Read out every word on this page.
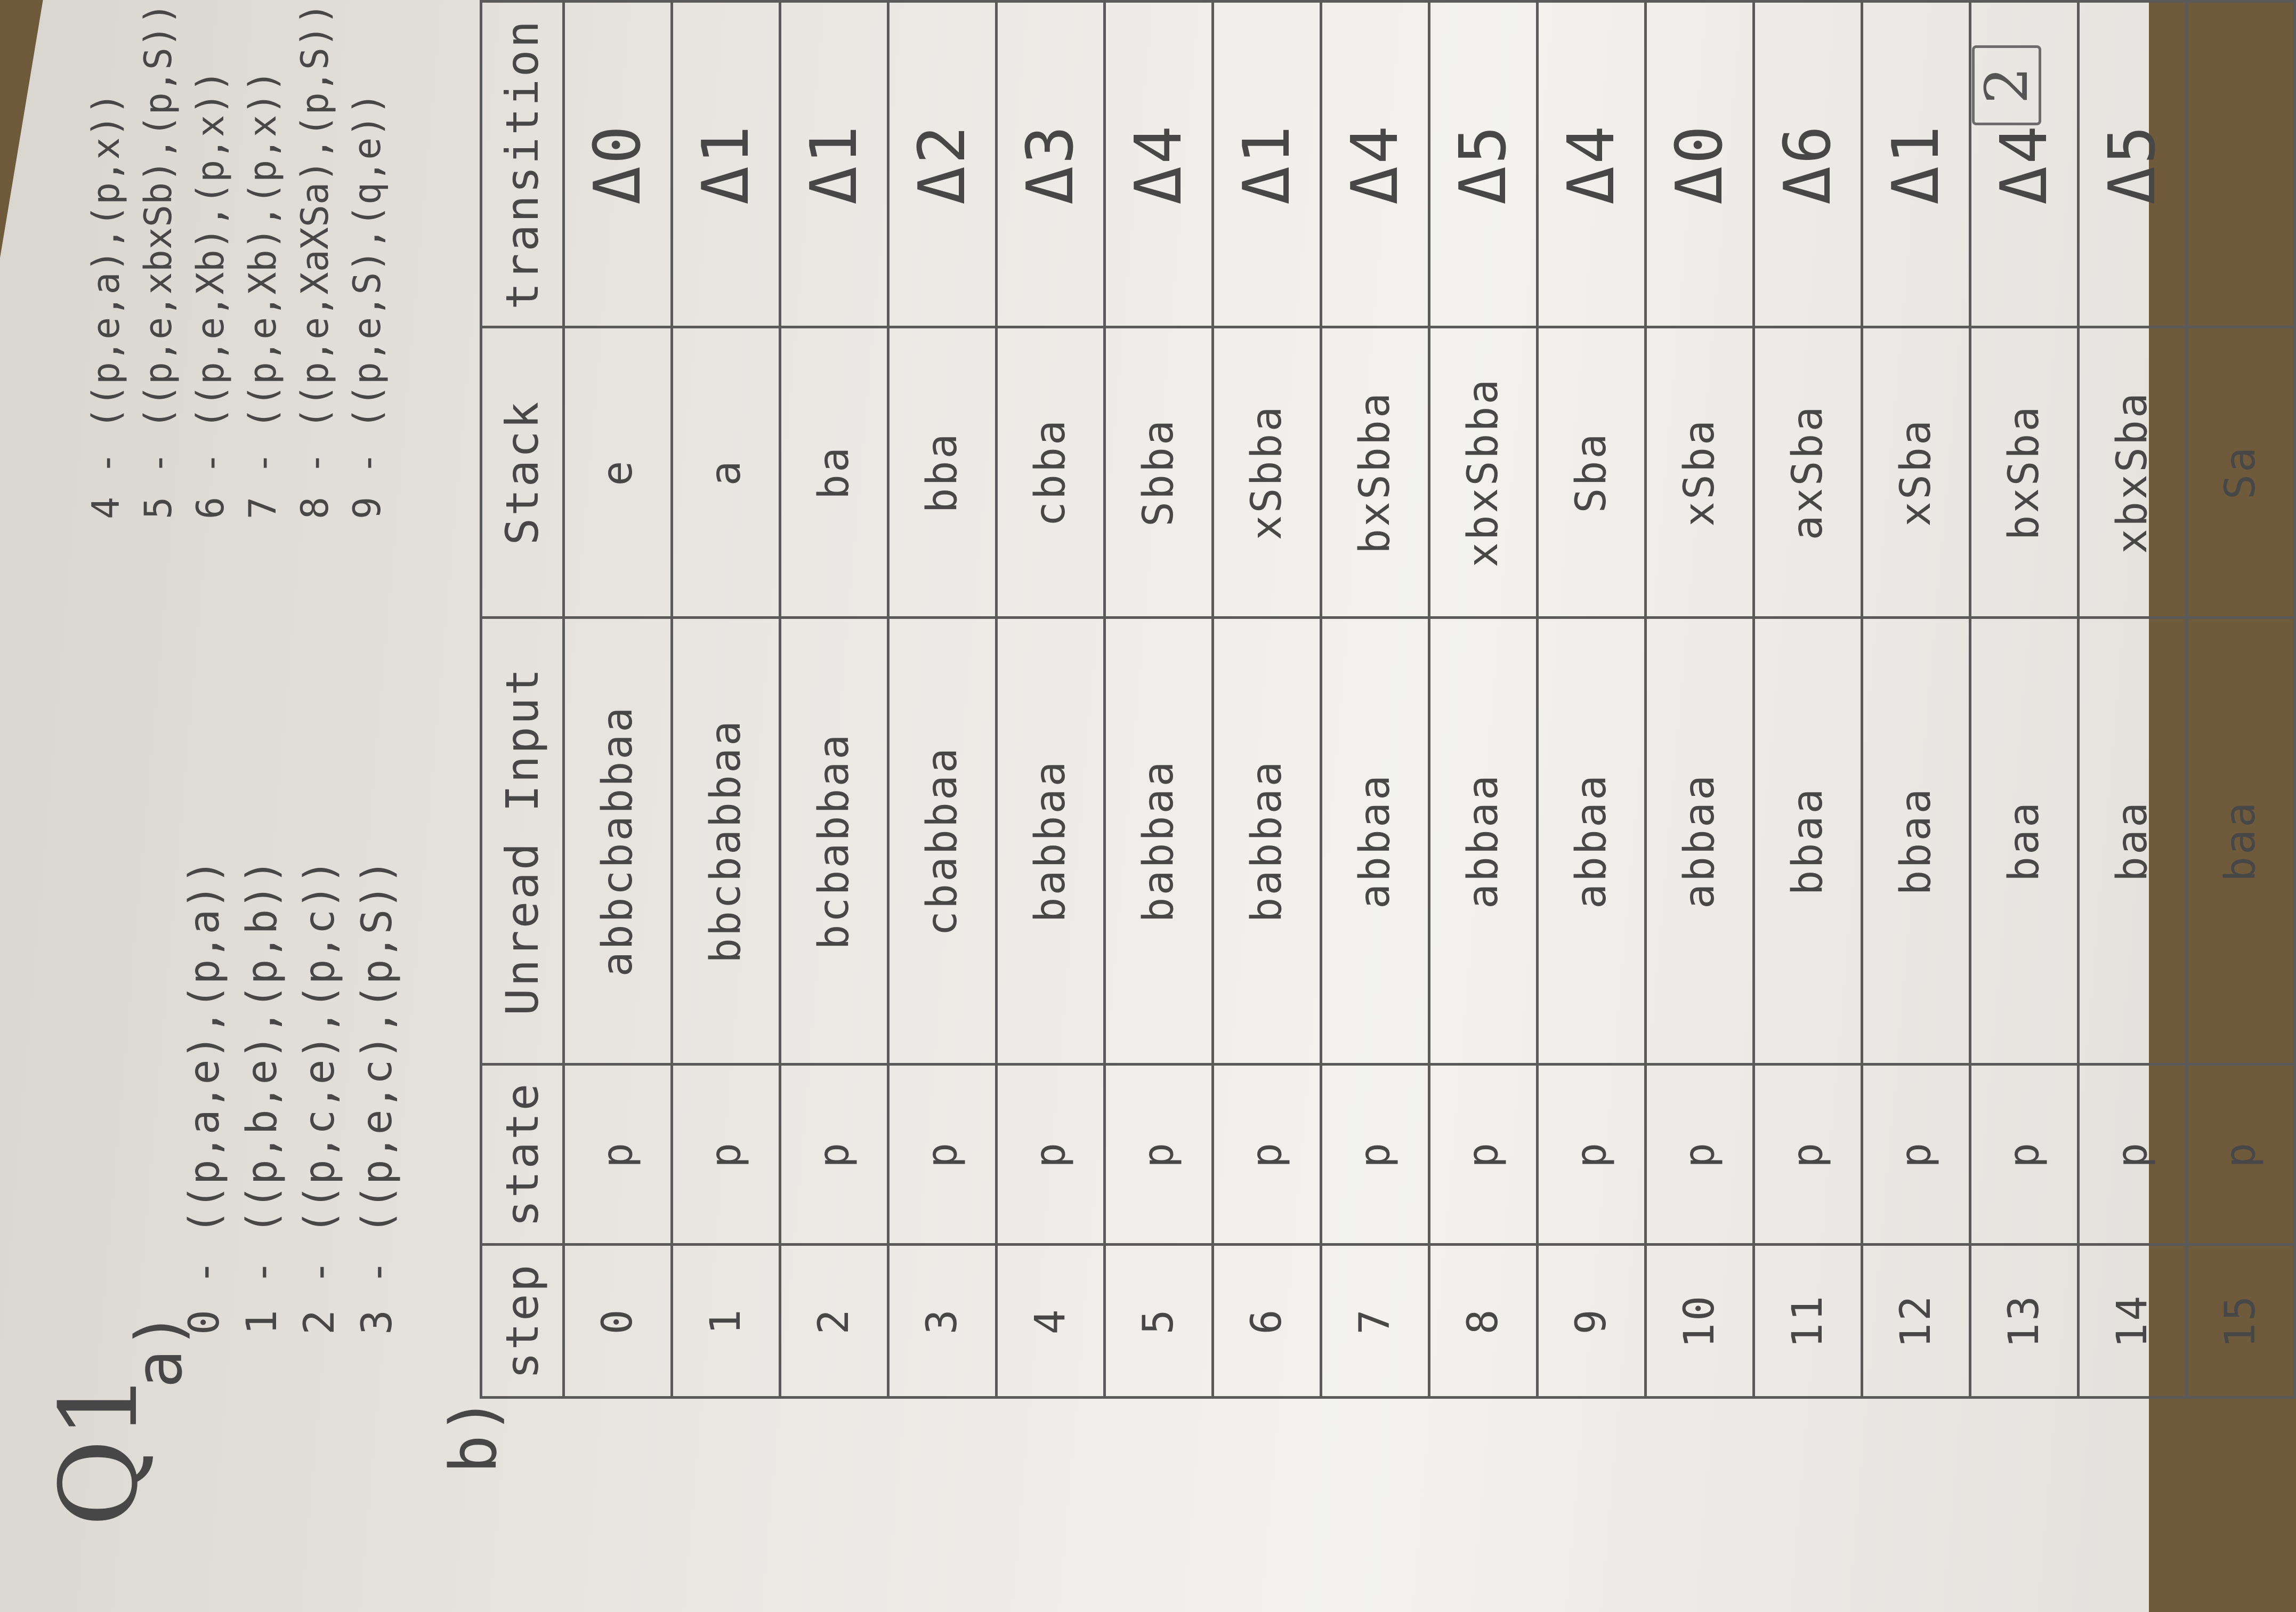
2
Q1
a)
0 - ((p,a,e),(p,a)) 1 - ((p,b,e),(p,b)) 2 - ((p,c,e),(p,c)) 3 - ((p,e,c),(p,S))
4 - ((p,e,a),(p,x)) 5 - ((p,e,xbxSb),(p,S)) 6 - ((p,e,Xb),(p,x)) 7 - ((p,e,Xb),(p,x)) 8 - ((p,e,XaXSa),(p,S)) 9 - ((p,e,S),(q,e))
b)
step	state	Unread Input	Stack	transition
0	p	abbcbabbaa	e	Δ0
1	p	bbcbabbaa	a	Δ1
2	p	bcbabbaa	ba	Δ1
3	p	cbabbaa	bba	Δ2
4	p	babbaa	cbba	Δ3
5	p	babbaa	Sbba	Δ4
6	p	babbaa	xSbba	Δ1
7	p	abbaa	bxSbba	Δ4
8	p	abbaa	xbxSbba	Δ5
9	p	abbaa	Sba	Δ4
10	p	abbaa	xSba	Δ0
11	p	bbaa	axSba	Δ6
12	p	bbaa	xSba	Δ1
13	p	baa	bxSba	Δ4
14	p	baa	xbxSba	Δ5
15	p	baa	Sa	
